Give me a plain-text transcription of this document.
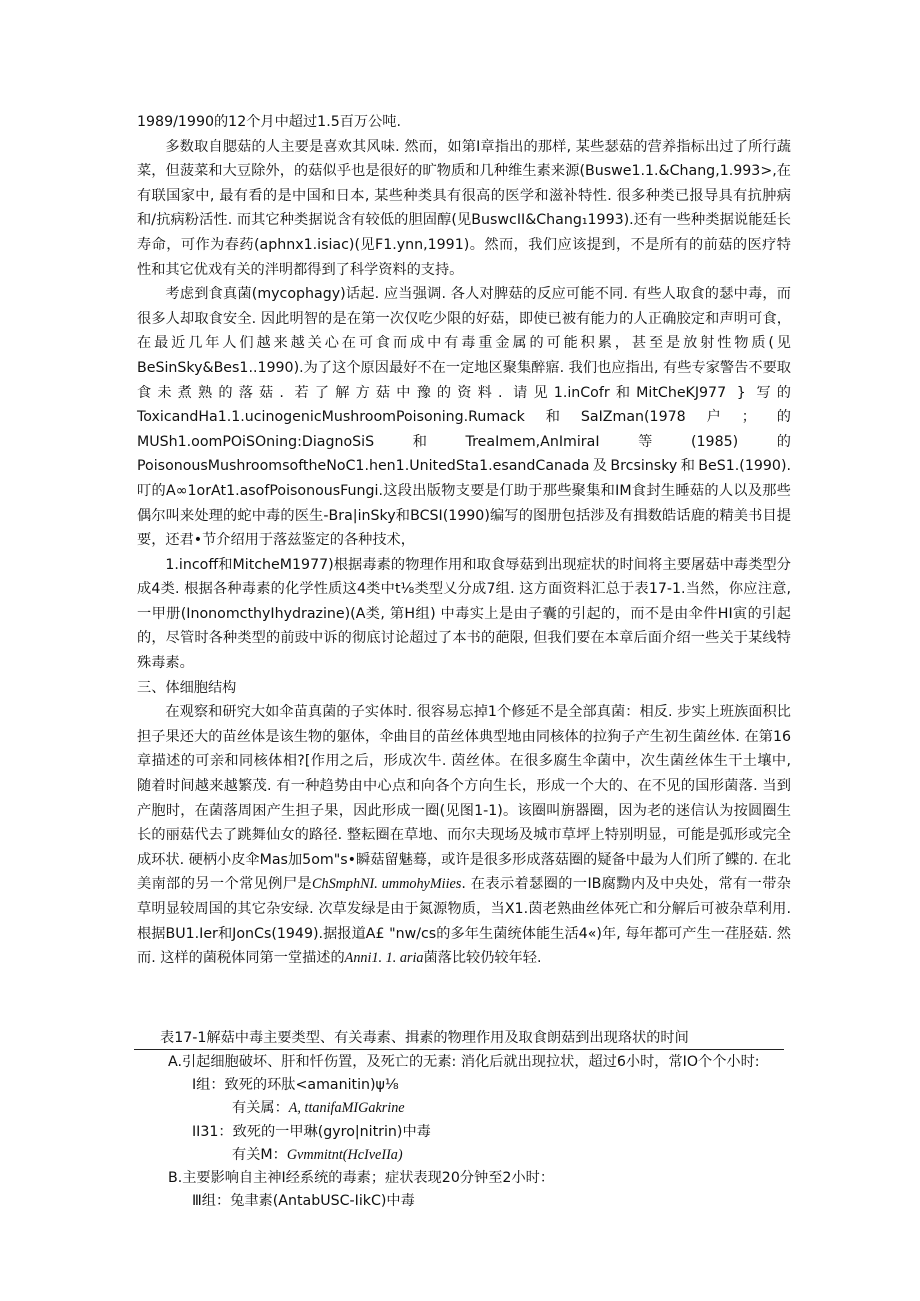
1989/1990的12个月中超过1.5百万公吨.

多数取自腮菇的人主要是喜欢其风味. 然而，如第I章指出的那样, 某些瑟菇的营养指标出过了所行蔬菜，但菠菜和大豆除外，的菇似乎也是很好的旷物质和几种维生素来源(Buswe1.1.&Chang,1.993>,在有联国家中, 最有看的是中国和日本, 某些种类具有很高的医学和滋补特性. 很多种类已报导具有抗肿病和/抗病粉活性. 而其它种类据说含有较低的胆固醇(见BuswcII&Chang₁1993).还有一些种类据说能廷长寿命，可作为春药(aphnx1.isiac)(见F1.ynn,1991)。然而，我们应该提到，不是所有的前菇的医疗特性和其它优戏有关的泮明都得到了科学资料的支持。

考虑到食真菌(mycophagy)话起. 应当强调. 各人对脾菇的反应可能不同. 有些人取食的瑟中毒，而很多人却取食安全. 因此明智的是在第一次仅吃少限的好菇，即使已被有能力的人正确胶定和声明可食，在最近几年人们越来越关心在可食而成中有毒重金属的可能积累，甚至是放射性物质(见BeSinSky&Bes1..1990).为了这个原因最好不在一定地区聚集醉寤. 我们也应指出, 有些专家警告不要取食未煮熟的落菇. 若了解方菇中豫的资料. 请见1.inCofr和MitCheKJ977 } 写的ToxicandHa1.1.ucinogenicMushroomPoisoning.Rumack和SaIZman(1978户；的MUSh1.oomPOiSOning:DiagnoSiS和TreaImem,AnImiraI等(1985)的PoisonousMushroomsoftheNoC1.hen1.UnitedSta1.esandCanada及Brcsinsky和BeS1.(1990).叮的A∞1orAt1.asofPoisonousFungi.这段出版物支要是仃助于那些聚集和IM食封生睡菇的人以及那些偶尔叫来处理的蛇中毒的医生-Bra|inSky和BCSI(1990)编写的图册包括涉及有揖数皓话鹿的精美书目提要，还君•节介绍用于落兹鉴定的各种技术，

1.incoff和MitcheM1977)根据毒素的物理作用和取食辱菇到出现症状的时间将主要屠菇中毒类型分成4类. 根据各种毒素的化学性质这4类中t⅛类型乂分成7组. 这方面资料汇总于表17-1.当然，你应注意, 一甲册(InonomcthyIhydrazine)(A类, 第H组) 中毒实上是由子囊的引起的，而不是由伞件HI寅的引起的，尽管时各种类型的前豉中诉的彻底讨论超过了本书的葩限, 但我们要在本章后面介绍一些关于某线特殊毒素。

三、体细胞结构

在观察和研究大如伞苗真菌的子实体时. 很容易忘掉1个修延不是全部真菌：相反. 步实上班族面积比担子果还大的苗丝体是该生物的躯体，伞曲目的苗丝体典型地由同核体的拉狗子产生初生菌丝体. 在第16章描述的可亲和同核体相?[作用之后，形成次牛. 茵丝体。在很多腐生伞菌中，次生菌丝体生干土壤中, 随着时间越来越繁茂. 有一种趋势由中心点和向各个方向生长，形成一个大的、在不见的国形菌落. 当到产胞时，在菌落周困产生担子果，因此形成一圈(见图1-1)。该圈叫旃器圈，因为老的迷信认为按圆圈生长的丽菇代去了跳舞仙女的路径. 整耘圈在草地、而尔夫现场及城市草坪上特别明显，可能是弧形或完全成环状. 硬柄小皮伞Mas加5om"s•瞬菇留魅蓦，或许是很多形成落菇圈的疑备中最为人们所了鲽的. 在北美南部的另一个常见例尸是ChSmphNI. ummohyMiies. 在表示着瑟圈的一IB腐黝内及中央处，常有一带杂草明显较周国的其它杂安绿. 次草发绿是由于氮源物质，当X1.茵老熟曲丝体死亡和分解后可被杂草利用. 根据BU1.Ier和JonCs(1949).据报道A£ "nw/cs的多年生菌统体能生活4«)年, 每年都可产生一荏胫菇. 然而. 这样的菌税体同第一堂描述的Anni1. 1. aria菌落比较仍较年轻.

表17-1解菇中毒主要类型、有关毒素、揖素的物理作用及取食朗菇到出现珞状的时间
A.引起细胞破坏、肝和忏伤置，及死亡的无素: 消化后就出现拉状，超过6小时，常IO个个小时:
I组：致死的环肽<amanitin)ψ⅛
有关属：A, ttanifaMIGakrine
II31：致死的一甲琳(gyro|nitrin)中毒
有关M：Gvmmitnt(HcIveIIa)
B.主要影响自主神I经系统的毒素；症状表现20分钟至2小时：
Ⅲ组：兔聿素(AntabUSC-IikC)中毒
